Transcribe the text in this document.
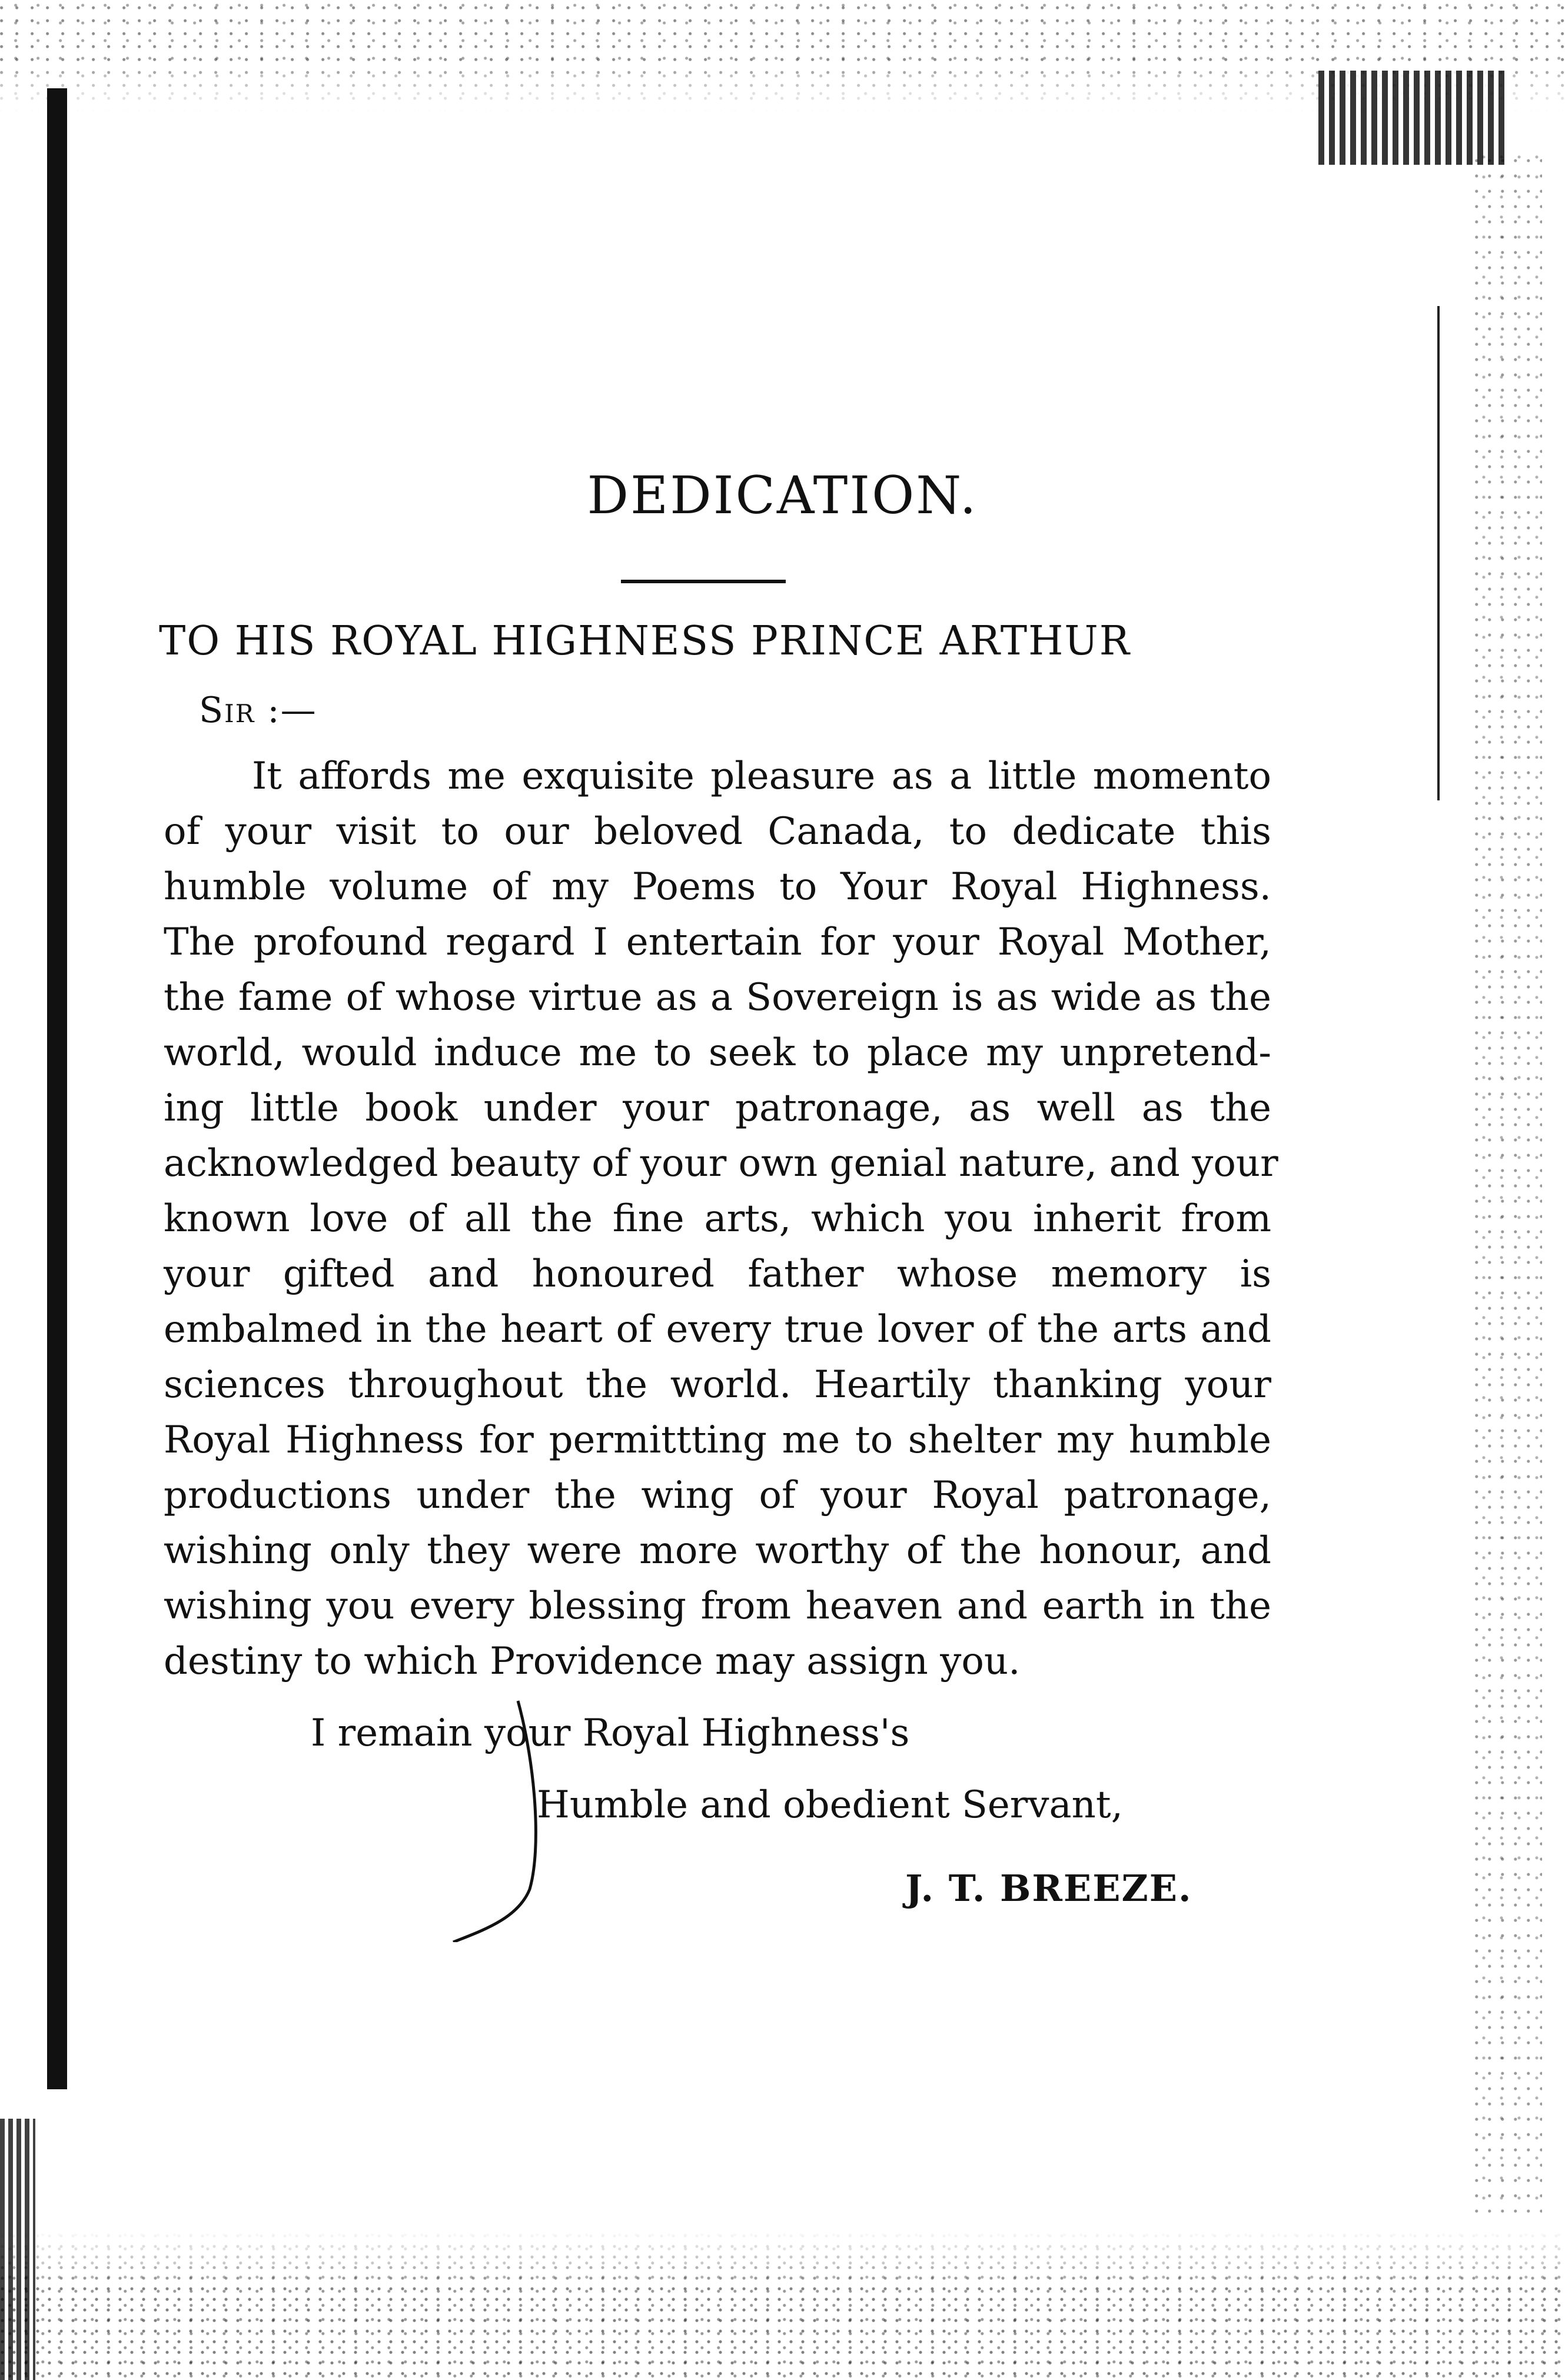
DEDICATION.
TO HIS ROYAL HIGHNESS PRINCE ARTHUR
Sir :—
It affords me exquisite pleasure as a little momento
of your visit to our beloved Canada, to dedicate this
humble volume of my Poems to Your Royal Highness.
The profound regard I entertain for your Royal Mother,
the fame of whose virtue as a Sovereign is as wide as the
world, would induce me to seek to place my unpretend-
ing little book under your patronage, as well as the
acknowledged beauty of your own genial nature, and your
known love of all the fine arts, which you inherit from
your gifted and honoured father whose memory is
embalmed in the heart of every true lover of the arts and
sciences throughout the world. Heartily thanking your
Royal Highness for permittting me to shelter my humble
productions under the wing of your Royal patronage,
wishing only they were more worthy of the honour, and
wishing you every blessing from heaven and earth in the
destiny to which Providence may assign you.
I remain your Royal Highness's
Humble and obedient Servant,
J. T. BREEZE.
